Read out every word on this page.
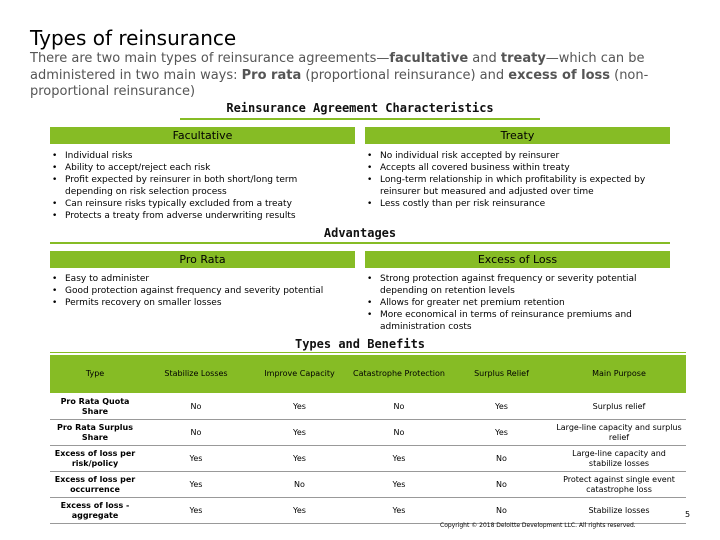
Types of reinsurance
There are two main types of reinsurance agreements—facultative and treaty—which can be administered in two main ways: Pro rata (proportional reinsurance) and excess of loss (non-proportional reinsurance)
Reinsurance Agreement Characteristics
Facultative	Treaty
• Individual risks
• Ability to accept/reject each risk
• Profit expected by reinsurer in both short/long term depending on risk selection process
• Can reinsure risks typically excluded from a treaty
• Protects a treaty from adverse underwriting results
• No individual risk accepted by reinsurer
• Accepts all covered business within treaty
• Long-term relationship in which profitability is expected by reinsurer but measured and adjusted over time
• Less costly than per risk reinsurance
Advantages
Pro Rata	Excess of Loss
• Easy to administer
• Good protection against frequency and severity potential
• Permits recovery on smaller losses
• Strong protection against frequency or severity potential depending on retention levels
• Allows for greater net premium retention
• More economical in terms of reinsurance premiums and administration costs
Types and Benefits
Type	Stabilize Losses	Improve Capacity	Catastrophe Protection	Surplus Relief	Main Purpose
Pro Rata Quota Share	No	Yes	No	Yes	Surplus relief
Pro Rata Surplus Share	No	Yes	No	Yes	Large-line capacity and surplus relief
Excess of loss per risk/policy	Yes	Yes	Yes	No	Large-line capacity and stabilize losses
Excess of loss per occurrence	Yes	No	Yes	No	Protect against single event catastrophe loss
Excess of loss - aggregate	Yes	Yes	Yes	No	Stabilize losses
Copyright © 2018 Deloitte Development LLC. All rights reserved.
5
